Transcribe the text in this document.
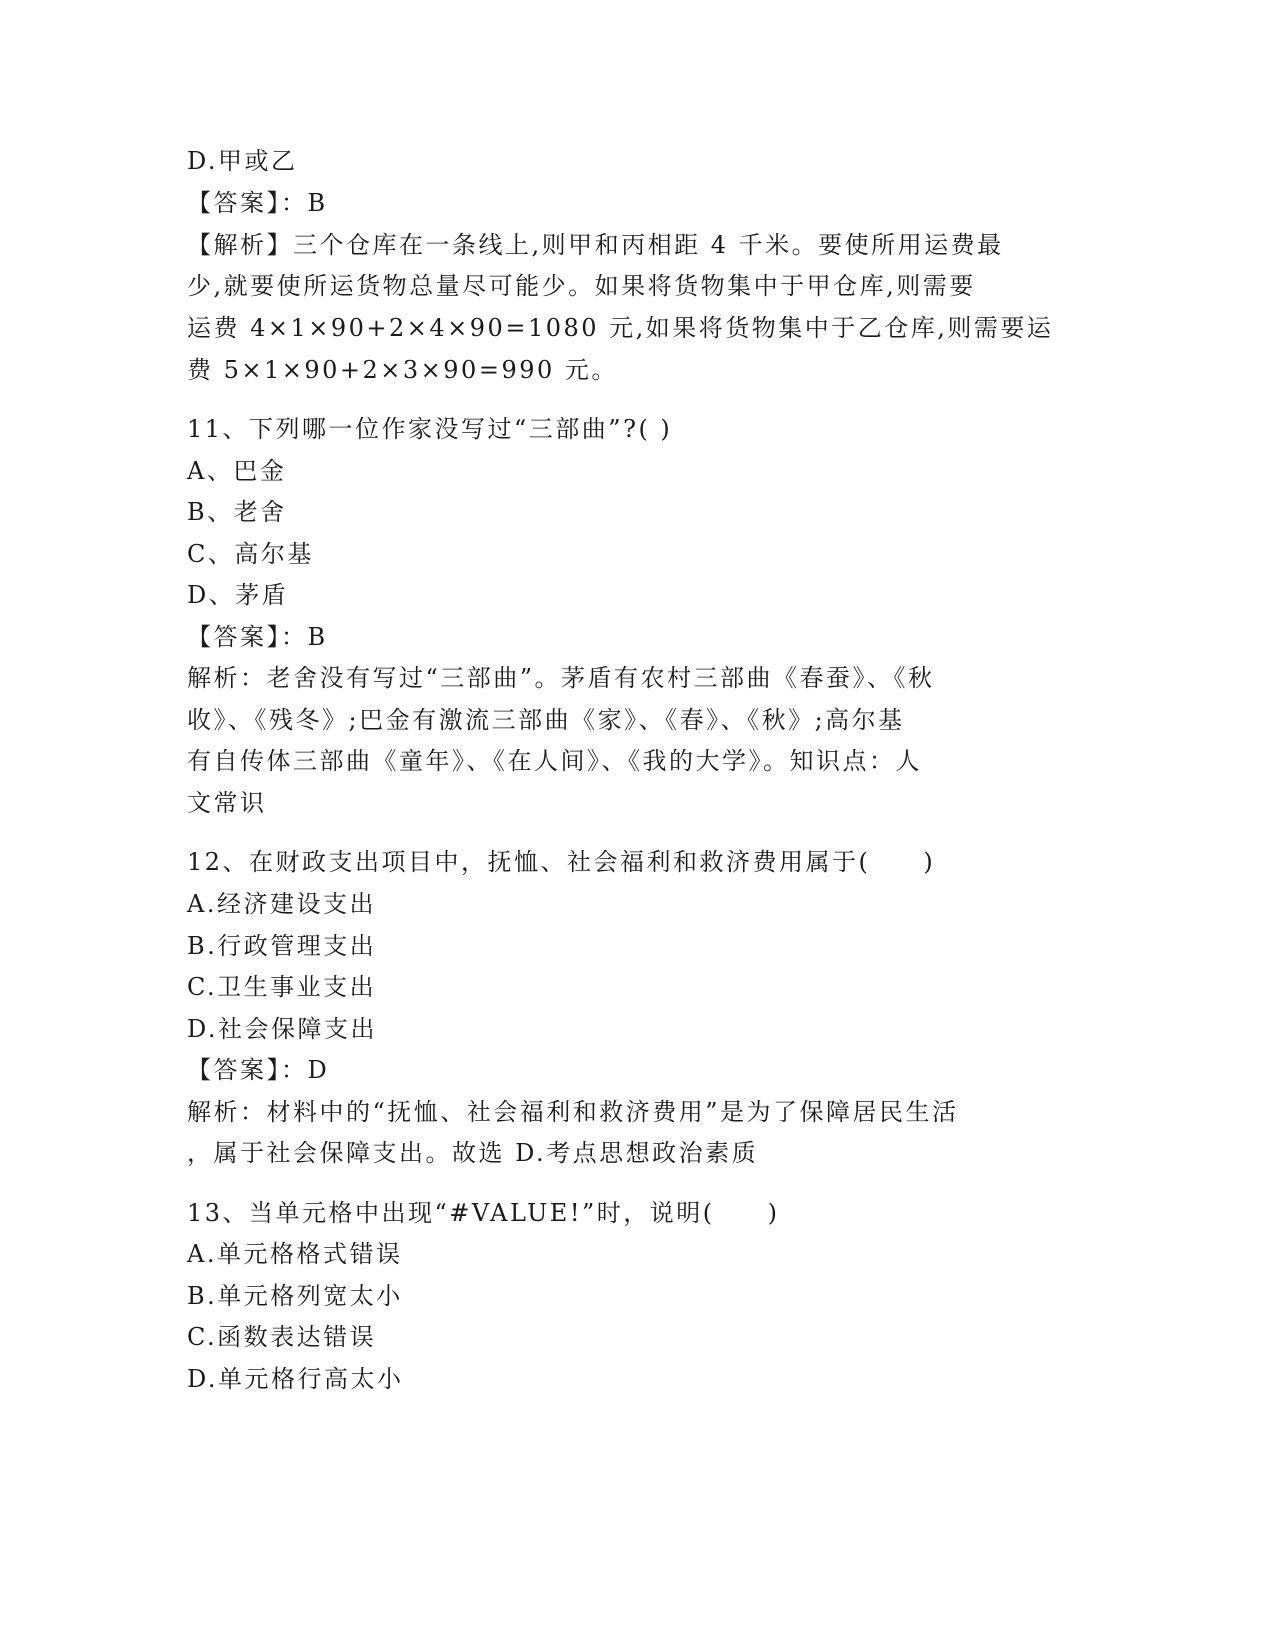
D.甲或乙
【答案】：B
【解析】三个仓库在一条线上,则甲和丙相距 4 千米。要使所用运费最
少,就要使所运货物总量尽可能少。如果将货物集中于甲仓库,则需要
运费 4×1×90+2×4×90=1080 元,如果将货物集中于乙仓库,则需要运
费 5×1×90+2×3×90=990 元。
11、下列哪一位作家没写过“三部曲”?( )
A、巴金
B、老舍
C、高尔基
D、茅盾
【答案】：B
解析：老舍没有写过“三部曲”。茅盾有农村三部曲《春蚕》、《秋
收》、《残冬》;巴金有激流三部曲《家》、《春》、《秋》;高尔基
有自传体三部曲《童年》、《在人间》、《我的大学》。知识点：人
文常识
12、在财政支出项目中，抚恤、社会福利和救济费用属于(　　)
A.经济建设支出
B.行政管理支出
C.卫生事业支出
D.社会保障支出
【答案】：D
解析：材料中的“抚恤、社会福利和救济费用”是为了保障居民生活
，属于社会保障支出。故选 D.考点思想政治素质
13、当单元格中出现“#VALUE!”时，说明(　　)
A.单元格格式错误
B.单元格列宽太小
C.函数表达错误
D.单元格行高太小
